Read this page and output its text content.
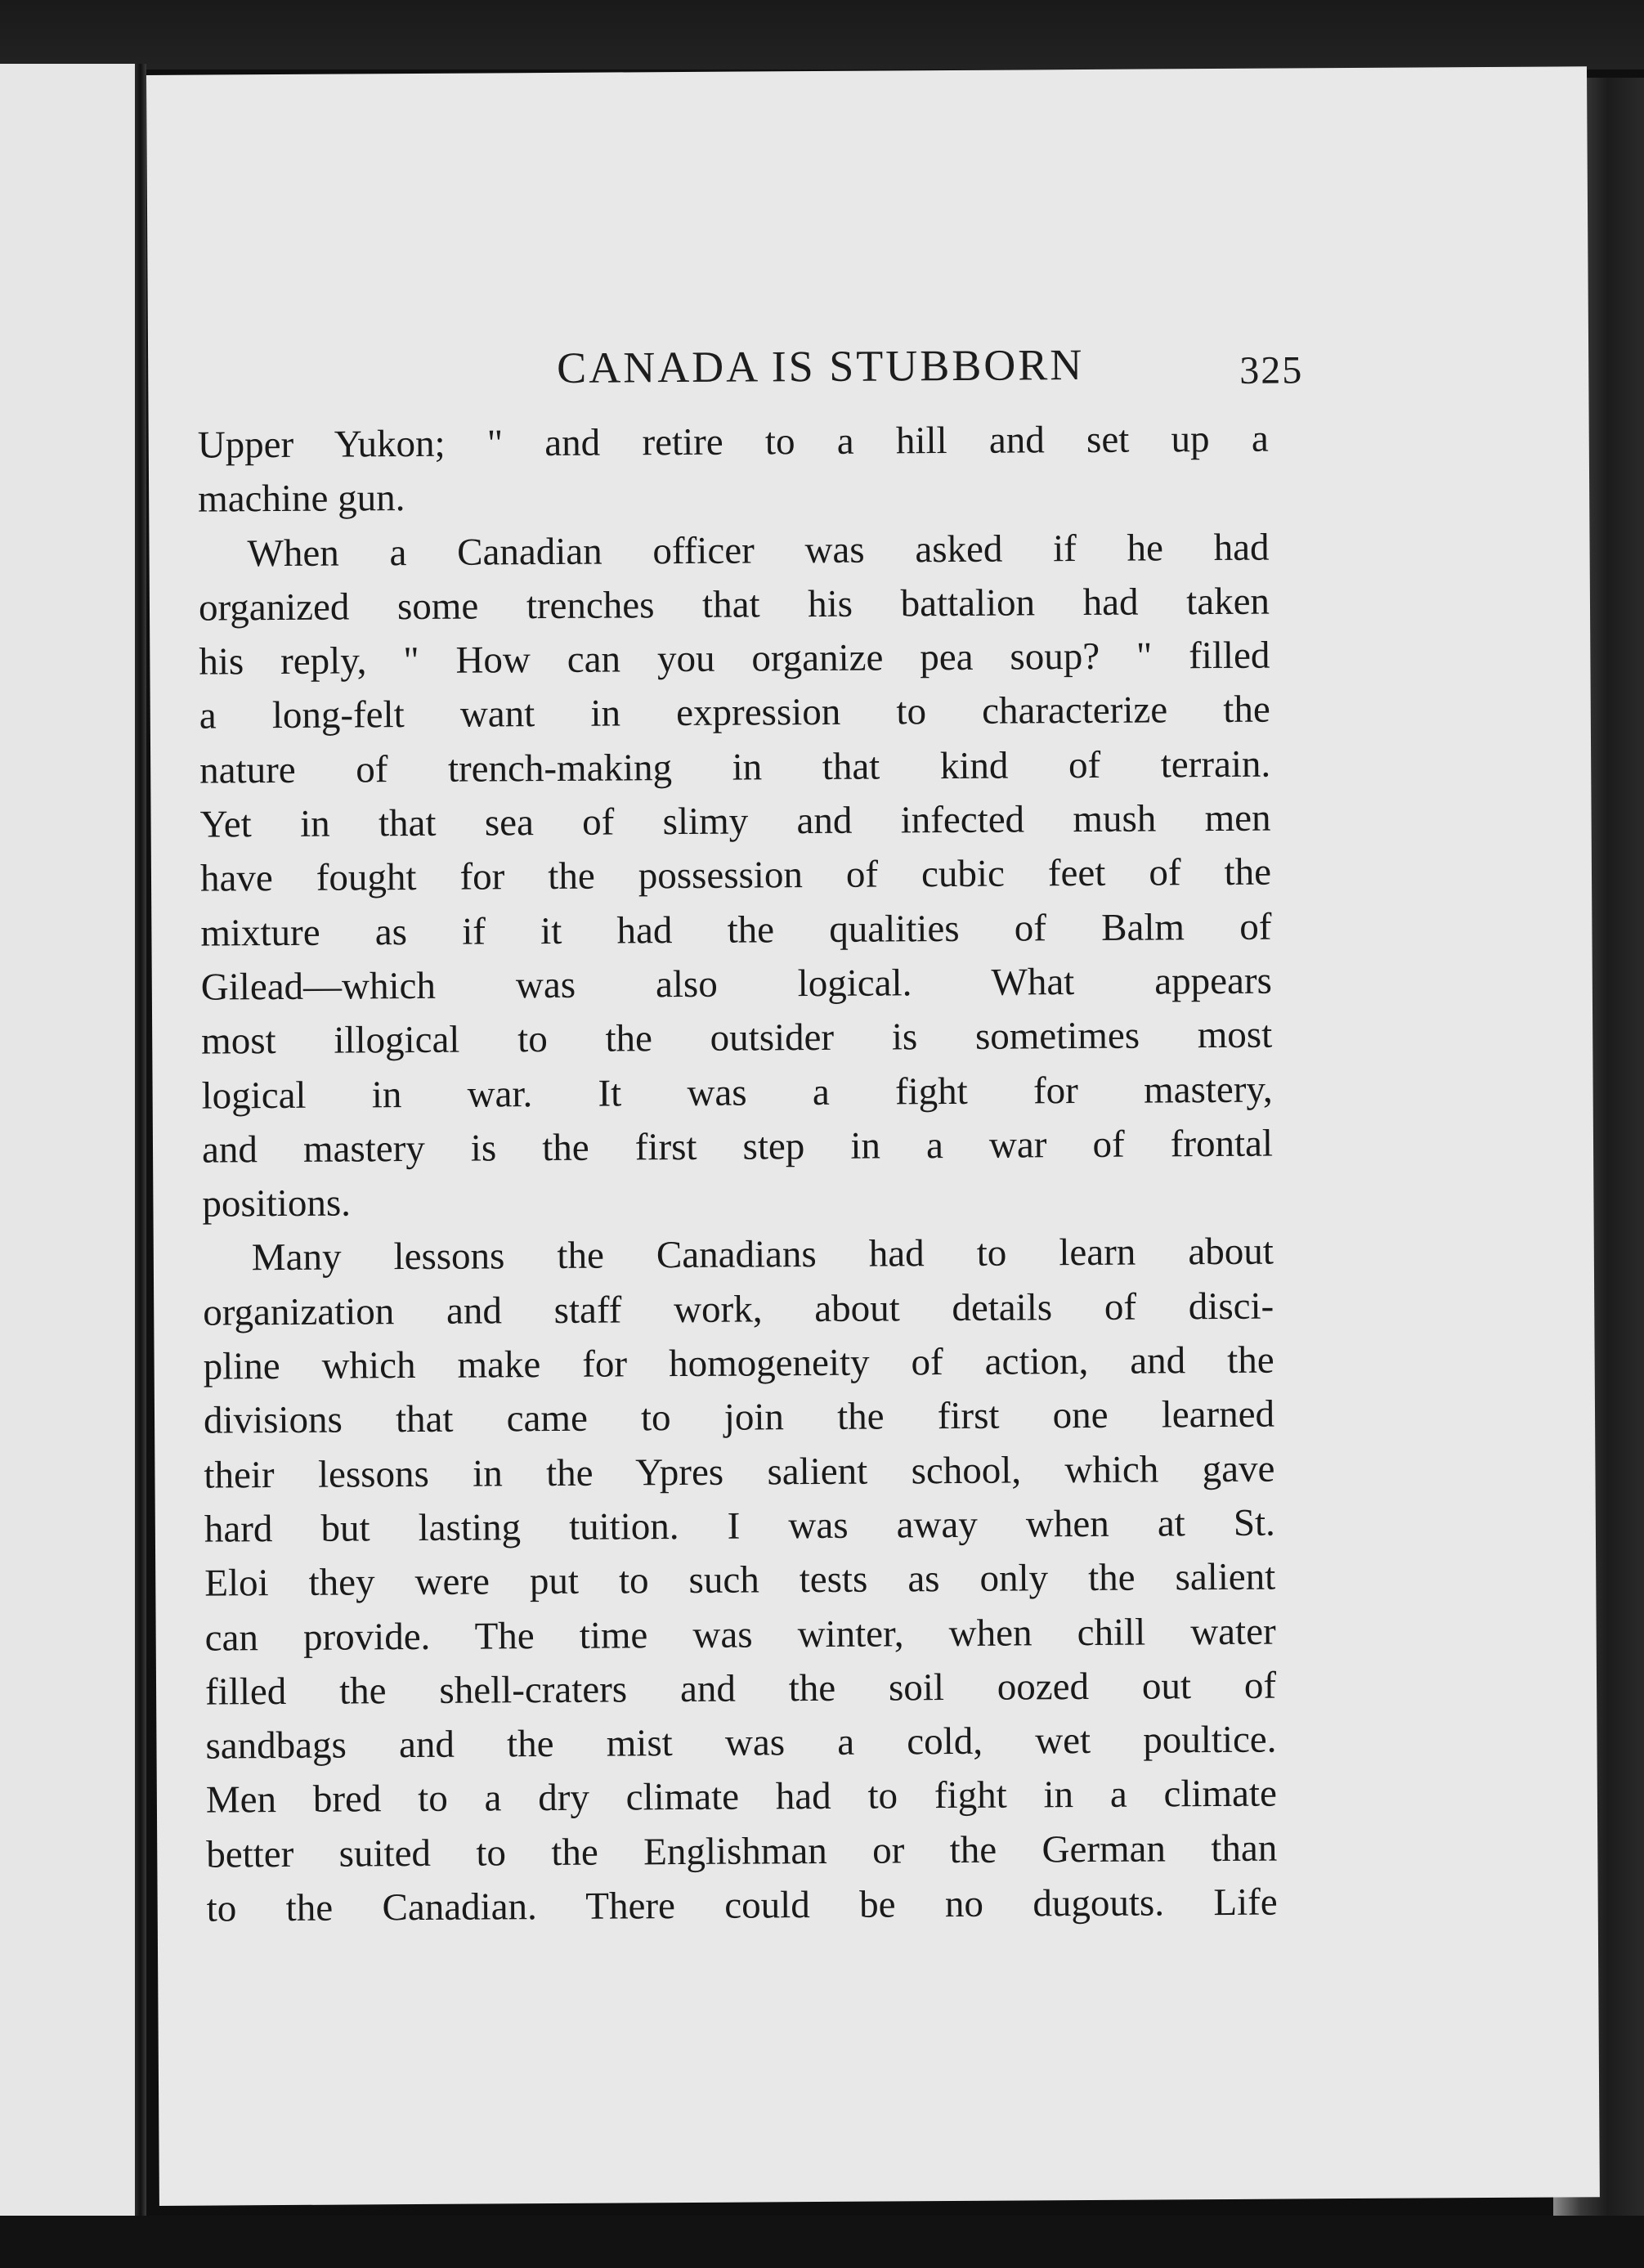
CANADA IS STUBBORN	325

Upper Yukon; " and retire to a hill and set up a
machine gun.

When a Canadian officer was asked if he had
organized some trenches that his battalion had taken
his reply, " How can you organize pea soup? " filled
a long-felt want in expression to characterize the
nature of trench-making in that kind of terrain.
Yet in that sea of slimy and infected mush men
have fought for the possession of cubic feet of the
mixture as if it had the qualities of Balm of
Gilead—which was also logical. What appears
most illogical to the outsider is sometimes most
logical in war. It was a fight for mastery,
and mastery is the first step in a war of frontal
positions.

Many lessons the Canadians had to learn about
organization and staff work, about details of disci-
pline which make for homogeneity of action, and the
divisions that came to join the first one learned
their lessons in the Ypres salient school, which gave
hard but lasting tuition. I was away when at St.
Eloi they were put to such tests as only the salient
can provide. The time was winter, when chill water
filled the shell-craters and the soil oozed out of
sandbags and the mist was a cold, wet poultice.
Men bred to a dry climate had to fight in a climate
better suited to the Englishman or the German than
to the Canadian. There could be no dugouts. Life
